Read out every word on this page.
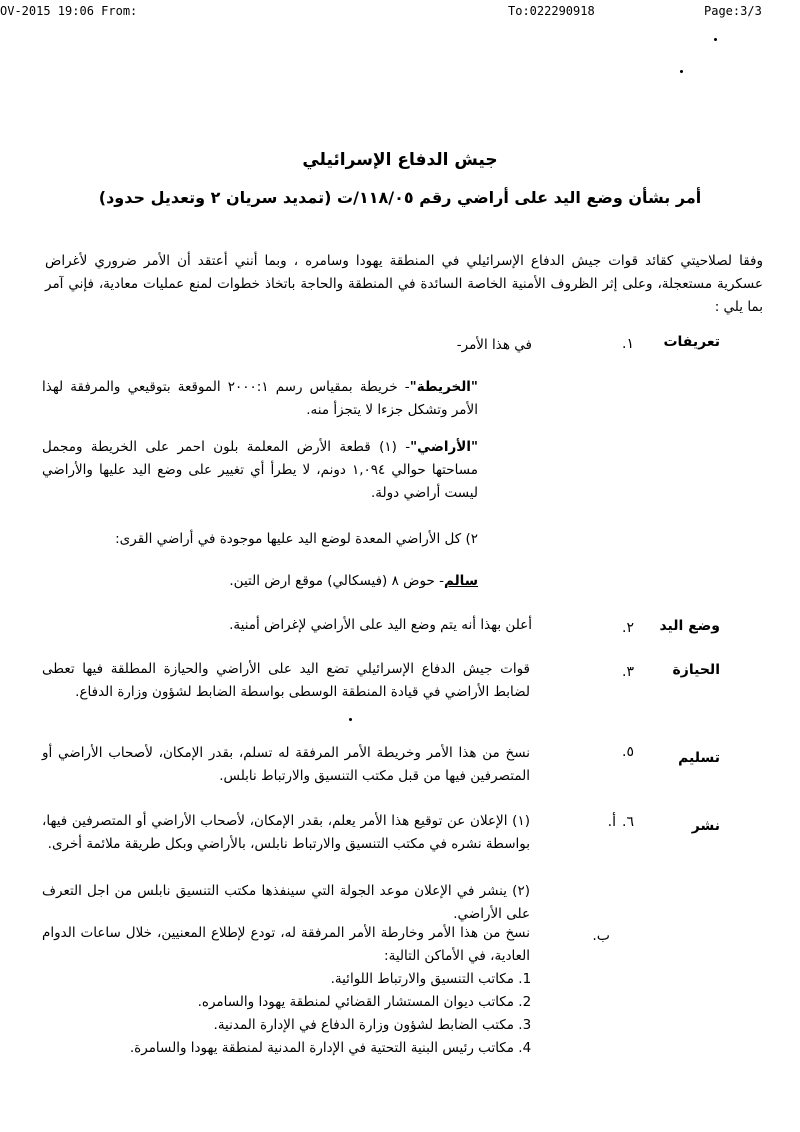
OV-2015 19:06 From:	To:022290918	Page:3/3
جيش الدفاع الإسرائيلي
أمر بشأن وضع اليد على أراضي رقم ١١٨/٠٥/ت (تمديد سريان ٢ وتعديل حدود)
وفقا لصلاحيتي كقائد قوات جيش الدفاع الإسرائيلي في المنطقة يهودا وسامره ، وبما أنني أعتقد أن الأمر ضروري لأغراض عسكرية مستعجلة، وعلى إثر الظروف الأمنية الخاصة السائدة في المنطقة والحاجة باتخاذ خطوات لمنع عمليات معادية، فإني آمر بما يلي :
تعريفات
١.
في هذا الأمر-
"الخريطة"- خريطة بمقياس رسم ٢٠٠٠:١ الموقعة بتوقيعي والمرفقة لهذا الأمر وتشكل جزءا لا يتجزأ منه.
"الأراضي"- (١) قطعة الأرض المعلمة بلون احمر على الخريطة ومجمل مساحتها حوالي ١,٠٩٤ دونم، لا يطرأ أي تغيير على وضع اليد عليها والأراضي ليست أراضي دولة.
٢) كل الأراضي المعدة لوضع اليد عليها موجودة في أراضي القرى:
سالم- حوض ٨ (فيسكالي) موقع ارض التين.
وضع اليد
٢.
أعلن بهذا أنه يتم وضع اليد على الأراضي لإغراض أمنية.
الحيازة
٣.
قوات جيش الدفاع الإسرائيلي تضع اليد على الأراضي والحيازة المطلقة فيها تعطى لضابط الأراضي في قيادة المنطقة الوسطى بواسطة الضابط لشؤون وزارة الدفاع.
تسليم
٥.
نسخ من هذا الأمر وخريطة الأمر المرفقة له تسلم، بقدر الإمكان، لأصحاب الأراضي أو المتصرفين فيها من قبل مكتب التنسيق والارتباط نابلس.
نشر
٦.
أ.
(١) الإعلان عن توقيع هذا الأمر يعلم، بقدر الإمكان، لأصحاب الأراضي أو المتصرفين فيها، بواسطة نشره في مكتب التنسيق والارتباط نابلس، بالأراضي وبكل طريقة ملائمة أخرى.
(٢) ينشر في الإعلان موعد الجولة التي سينفذها مكتب التنسيق نابلس من اجل التعرف على الأراضي.
ب.
نسخ من هذا الأمر وخارطة الأمر المرفقة له، تودع لإطلاع المعنيين، خلال ساعات الدوام العادية، في الأماكن التالية:
1. مكاتب التنسيق والارتباط اللوائية.
2. مكاتب ديوان المستشار القضائي لمنطقة يهودا والسامره.
3. مكتب الضابط لشؤون وزارة الدفاع في الإدارة المدنية.
4. مكاتب رئيس البنية التحتية في الإدارة المدنية لمنطقة يهودا والسامرة.
